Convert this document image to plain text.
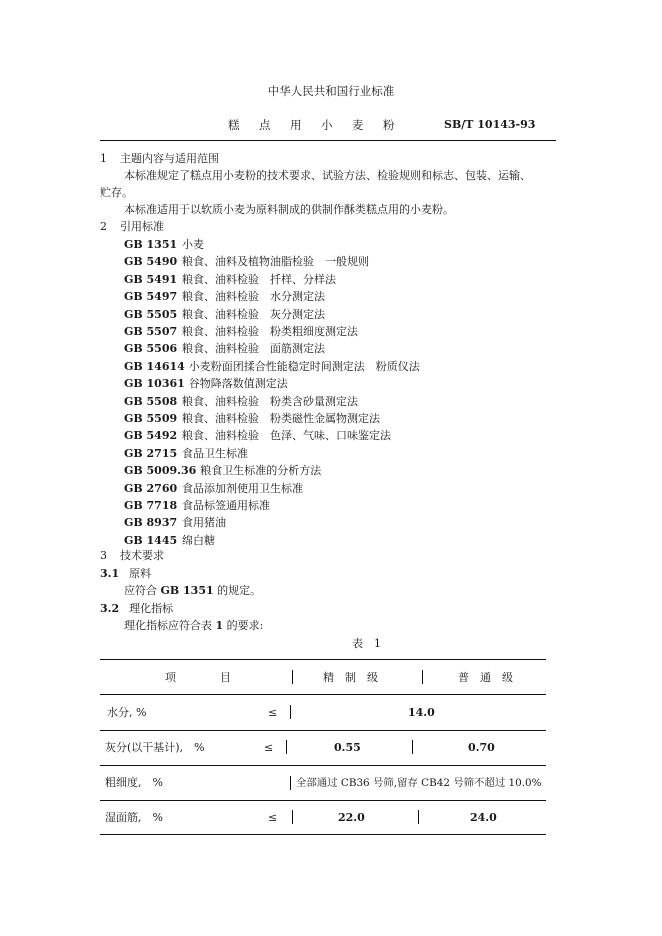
中华人民共和国行业标准
糕 点 用 小 麦 粉	SB/T 10143-93
1 主题内容与适用范围
本标准规定了糕点用小麦粉的技术要求、试验方法、检验规则和标志、包装、运输、
贮存。
本标准适用于以软质小麦为原料制成的供制作酥类糕点用的小麦粉。
2 引用标准
GB 1351 小麦
GB 5490 粮食、油料及植物油脂检验　一般规则
GB 5491 粮食、油料检验　扦样、分样法
GB 5497 粮食、油料检验　水分测定法
GB 5505 粮食、油料检验　灰分测定法
GB 5507 粮食、油料检验　粉类粗细度测定法
GB 5506 粮食、油料检验　面筋测定法
GB 14614 小麦粉面团揉合性能稳定时间测定法　粉质仪法
GB 10361 谷物降落数值测定法
GB 5508 粮食、油料检验　粉类含砂量测定法
GB 5509 粮食、油料检验　粉类磁性金属物测定法
GB 5492 粮食、油料检验　色泽、气味、口味鉴定法
GB 2715 食品卫生标准
GB 5009.36 粮食卫生标准的分析方法
GB 2760 食品添加剂使用卫生标准
GB 7718 食品标签通用标准
GB 8937 食用猪油
GB 1445 绵白糖
3 技术要求
3.1 原料
应符合 GB 1351 的规定。
3.2 理化指标
理化指标应符合表 1 的要求:
表　1
项　　　　目	精　制　级	普　通　级
水分, %	≤	14.0
灰分(以干基计),　%	≤	0.55	0.70
粗细度,　%	全部通过 CB36 号筛,留存 CB42 号筛不超过 10.0%
湿面筋,　%	≤	22.0	24.0
